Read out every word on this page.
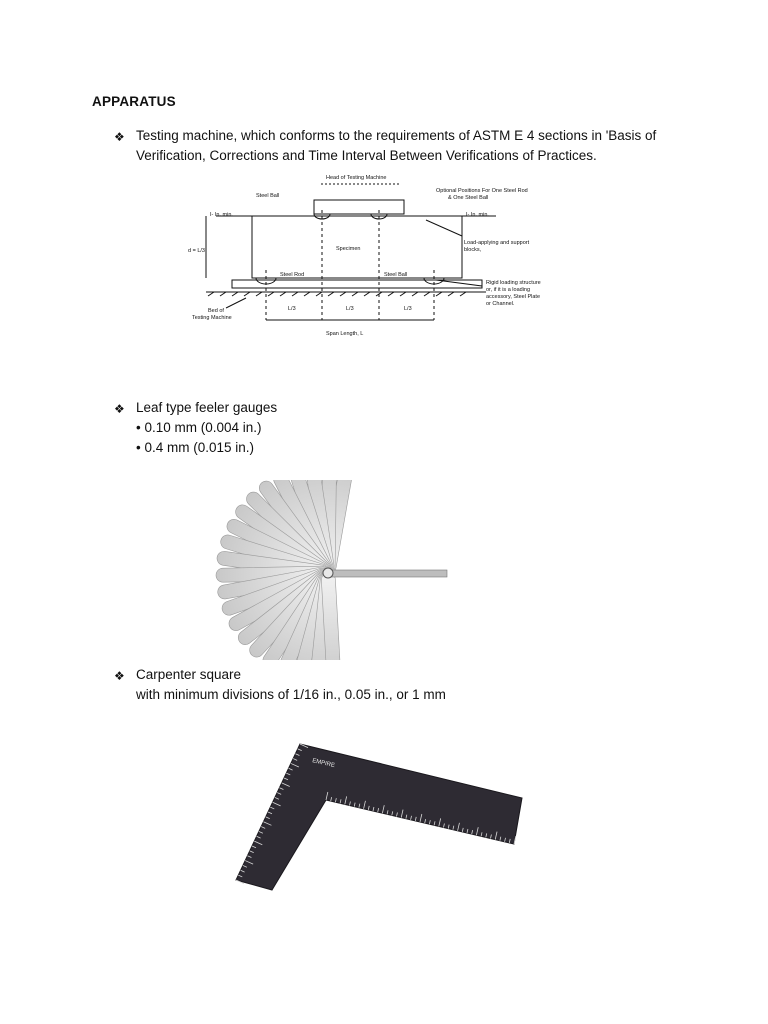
APPARATUS
❖ Testing machine, which conforms to the requirements of ASTM E 4 sections in 'Basis of
Verification, Corrections and Time Interval Between Verifications of Practices.
Head of Testing Machine
Steel Ball
Optional Positions For One Steel Rod
& One Steel Ball
I- In. min.	I- In. min.
d = L/3	Specimen
Load-applying and support
blocks,
Steel Rod	Steel Ball
Rigid loading structure
or, if it is a loading
accessory, Steel Plate
or Channel.
Bed of
Testing Machine
L/3	L/3	L/3
Span Length, L
❖ Leaf type feeler gauges
• 0.10 mm (0.004 in.)
• 0.4 mm (0.015 in.)
❖ Carpenter square
with minimum divisions of 1/16 in., 0.05 in., or 1 mm
EMPIRE
